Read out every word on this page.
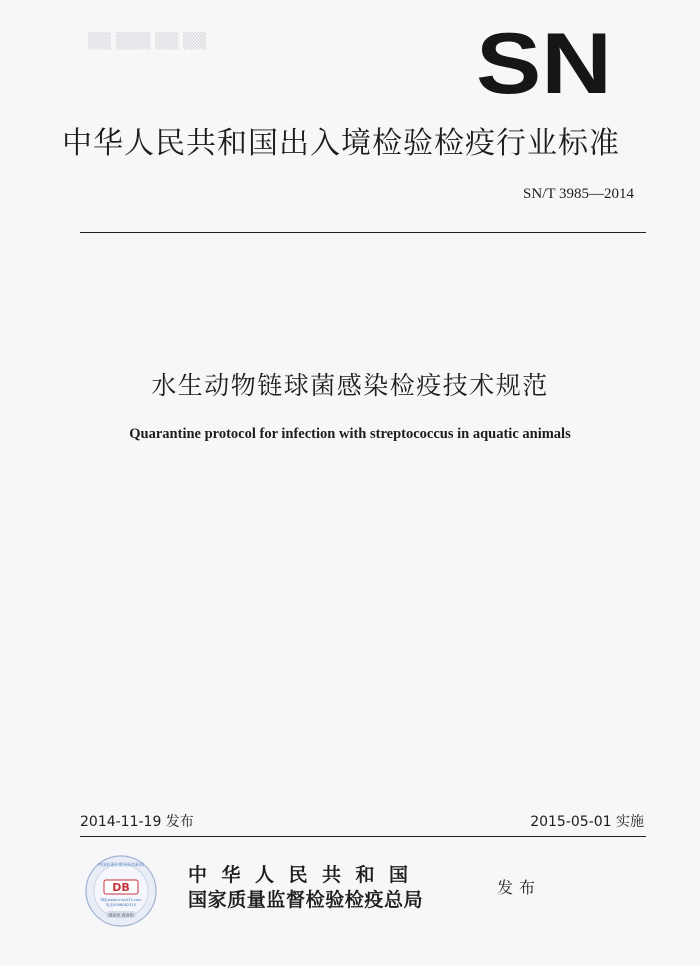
▒▒ ▒▒▒ ▒▒ ▒▒	SN
中华人民共和国出入境检验检疫行业标准
SN/T 3985—2014
水生动物链球菌感染检疫技术规范
Quarantine protocol for infection with streptococcus in aquatic animals
2014-11-19 发布	2015-05-01 实施
DB
网址www.cnhs315.com
电话4006082315
刮涂层 查真伪
中国标准出版社防伪标识 中华人民共和国
国家质量监督检验检疫总局
发布
